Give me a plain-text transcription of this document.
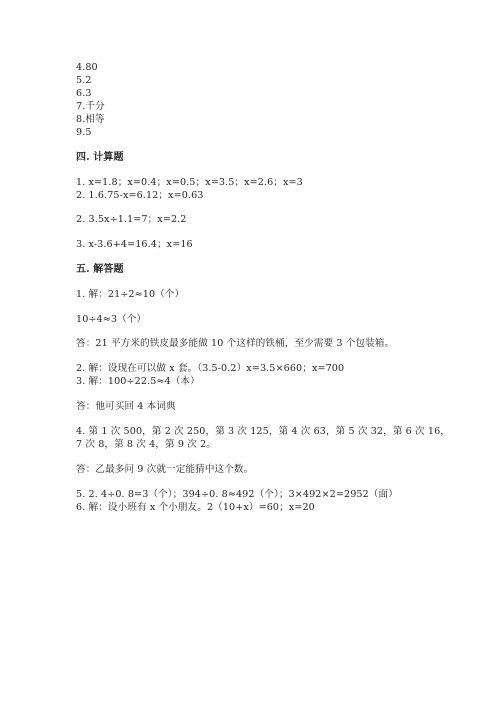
4.80
5.2
6.3
7.千分
8.相等
9.5
四. 计算题
1. x=1.8；x=0.4；x=0.5；x=3.5；x=2.6；x=3
2. 1.6.75-x=6.12；x=0.63
2. 3.5x÷1.1=7；x=2.2
3. x-3.6+4=16.4；x=16
五. 解答题
1. 解：21÷2≈10（个）
10÷4≈3（个）
答：21 平方米的铁皮最多能做 10 个这样的铁桶，至少需要 3 个包装箱。
2. 解：设现在可以做 x 套。（3.5-0.2）x=3.5×660；x=700
3. 解：100÷22.5≈4（本）
答：他可买回 4 本词典
4. 第 1 次 500，第 2 次 250，第 3 次 125，第 4 次 63，第 5 次 32，第 6 次 16，
7 次 8，第 8 次 4，第 9 次 2。
答：乙最多问 9 次就一定能猜中这个数。
5. 2. 4÷0. 8=3（个）；394÷0. 8≈492（个）；3×492×2=2952（面）
6. 解：设小班有 x 个小朋友。2（10+x）=60；x=20
